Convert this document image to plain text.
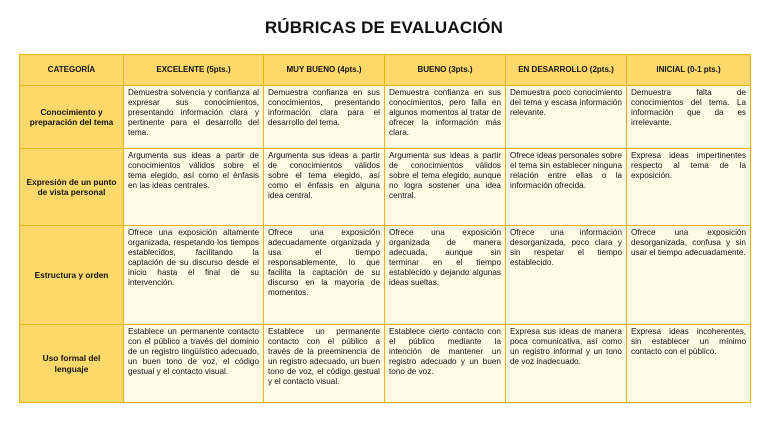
RÚBRICAS DE EVALUACIÓN
CATEGORÍA	EXCELENTE (5pts.)	MUY BUENO (4pts.)	BUENO (3pts.)	EN DESARROLLO (2pts.)	INICIAL (0-1 pts.)
Conocimiento y preparación del tema	Demuestra solvencia y confianza al expresar sus conocimientos, presentando información clara y pertinente para el desarrollo del tema.	Demuestra confianza en sus conocimientos, presentando información clara para el desarrollo del tema.	Demuestra confianza en sus conocimientos, pero falla en algunos momentos al tratar de ofrecer la información más clara.	Demuestra poco conocimiento del tema y escasa información relevante.	Demuestra falta de conocimientos del tema. La información que da es irrelevante.
Expresión de un punto de vista personal	Argumenta sus ideas a partir de conocimientos válidos sobre el tema elegido, así como el énfasis en las ideas centrales.	Argumenta sus ideas a partir de conocimientos válidos sobre el tema elegido, así como el énfasis en alguna idea central.	Argumenta sus ideas a partir de conocimientos válidos sobre el tema elegido, aunque no logra sostener una idea central.	Ofrece ideas personales sobre el tema sin establecer ninguna relación entre ellas o la información ofrecida.	Expresa ideas impertinentes respecto al tema de la exposición.
Estructura y orden	Ofrece una exposición altamente organizada, respetando los tiempos establecidos, facilitando la captación de su discurso desde el inicio hasta el final de su intervención.	Ofrece una exposición adecuadamente organizada y usa el tiempo responsablemente, lo que facilita la captación de su discurso en la mayoría de momentos.	Ofrece una exposición organizada de manera adecuada, aunque sin terminar en el tiempo establecido y dejando algunas ideas sueltas.	Ofrece una información desorganizada, poco clara y sin respetar el tiempo establecido.	Ofrece una exposición desorganizada, confusa y sin usar el tiempo adecuadamente.
Uso formal del lenguaje	Establece un permanente contacto con el público a través del dominio de un registro lingüístico adecuado, un buen tono de voz, el código gestual y el contacto visual.	Establece un permanente contacto con el público a través de la preeminencia de un registro adecuado, un buen tono de voz, el código gestual y el contacto visual.	Establece cierto contacto con el público mediante la intención de mantener un registro adecuado y un buen tono de voz.	Expresa sus ideas de manera poca comunicativa, así como un registro informal y un tono de voz inadecuado.	Expresa ideas incoherentes, sin establecer un mínimo contacto con el público.
